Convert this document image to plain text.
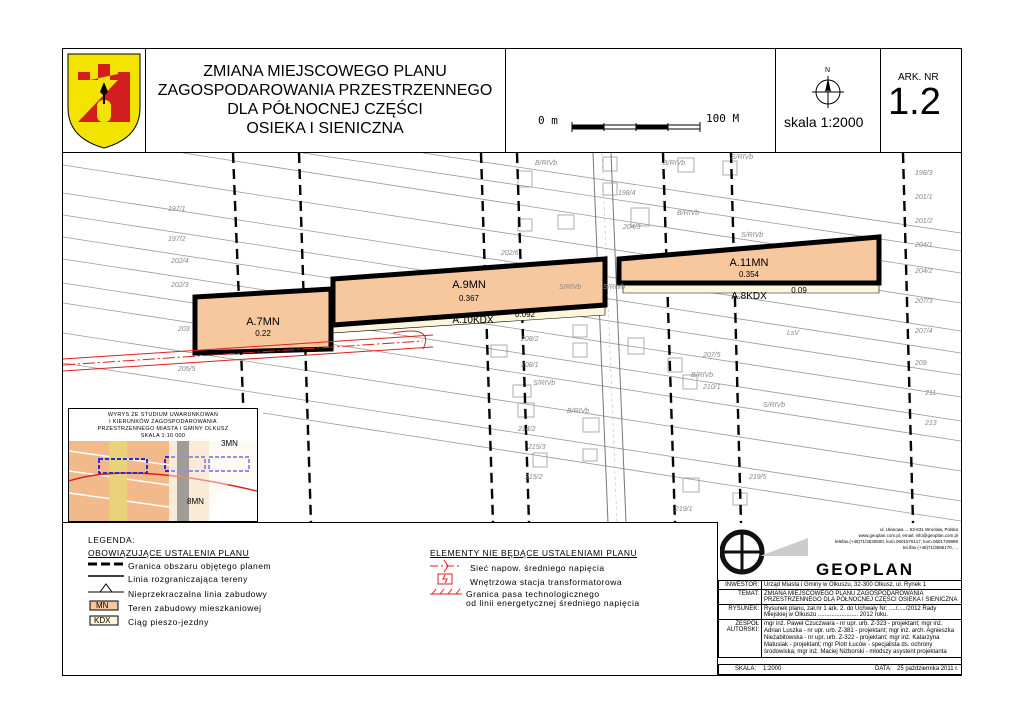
ZMIANA MIEJSCOWEGO PLANU
ZAGOSPODAROWANIA PRZESTRZENNEGO
DLA PÓŁNOCNEJ CZĘŚCI
OSIEKA I SIENICZNA	0 m	100 M
N
skala 1:2000
ARK. NR
1.2
A.7MN
0.22
A.9MN
0.367
A.11MN
0.354
A.10KDX
0.092
A.8KDX
0.09
197/1
197/2
202/4
202/3
202/6
203
205/5
208/2
208/1
214/2
215/3
215/2
219/1
219/5
198/3
201/1
201/2
204/1
204/2
207/3
207/4
209
211
213
207/5
210/1
198/4
204/3
B/RIVb	B/RIVb
B/RIVb
S/RIVb
S/RIVb
S/RIVb	S/RIVb
B/RIVb
B/RIVb
S/RIVb
LsV
S/RIVb
WYRYS ZE STUDIUM UWARUNKOWAŃ
I KIERUNKÓW ZAGOSPODAROWANIA
PRZESTRZENNEGO MIASTA I GMINY OLKUSZ
SKALA 1:10 000
3MN
8MN
LEGENDA:
OBOWIĄZUJĄCE USTALENIA PLANU
MN
KDX
Granica obszaru objętego planem
Linia rozgraniczająca tereny
Nieprzekraczalna linia zabudowy
Teren zabudowy mieszkaniowej
Ciąg pieszo-jezdny
ELEMENTY NIE BĘDĄCE USTALENIAMI PLANU
Sieć napow. średniego napięcia
Wnętrzowa stacja transformatorowa
Granica pasa technologicznego
od linii energetycznej średniego napięcia
GEOPLAN
ul. Ułanowa ... 53-631 Wrocław, Polska
www.geoplan.com.pl, email: info@geoplan.com.pl
telefax.(+48)71/3530600, kom.0601576117, kom.0601729888
tel./fax.(+48)71/3586170, ...
INWESTOR:	Urząd Miasta i Gminy w Olkuszu, 32-300 Olkusz, ul. Rynek 1
TEMAT:	ZMIANA MIEJSCOWEGO PLANU ZAGOSPODAROWANIA PRZESTRZENNEGO DLA PÓŁNOCNEJ CZĘŚCI OSIEKA I SIENICZNA
RYSUNEK:	Rysunek planu, zał.nr 1 ark. 2. do Uchwały Nr: ..../...../2012 Rady Miejskiej w Olkuszu ........................ 2012 roku.
ZESPÓŁ AUTORSKI:	mgr inż. Paweł Czuczwara - nr upr. urb. Z-323 - projektant; mgr inż. Adrian Luszka - nr upr. urb. Z-381 - projektant; mgr inż. arch. Agnieszka Nieżabitowska - nr upr. urb. Z-322 - projektant; mgr inż. Katarzyna Matusiak - projektant; mgr Piotr Łuców - specjalista ds. ochrony środowiska; mgr inż. Maciej Niżborski - młodszy asystent projektanta
SKALA: 1:2000	DATA: 25 października 2011 r.
